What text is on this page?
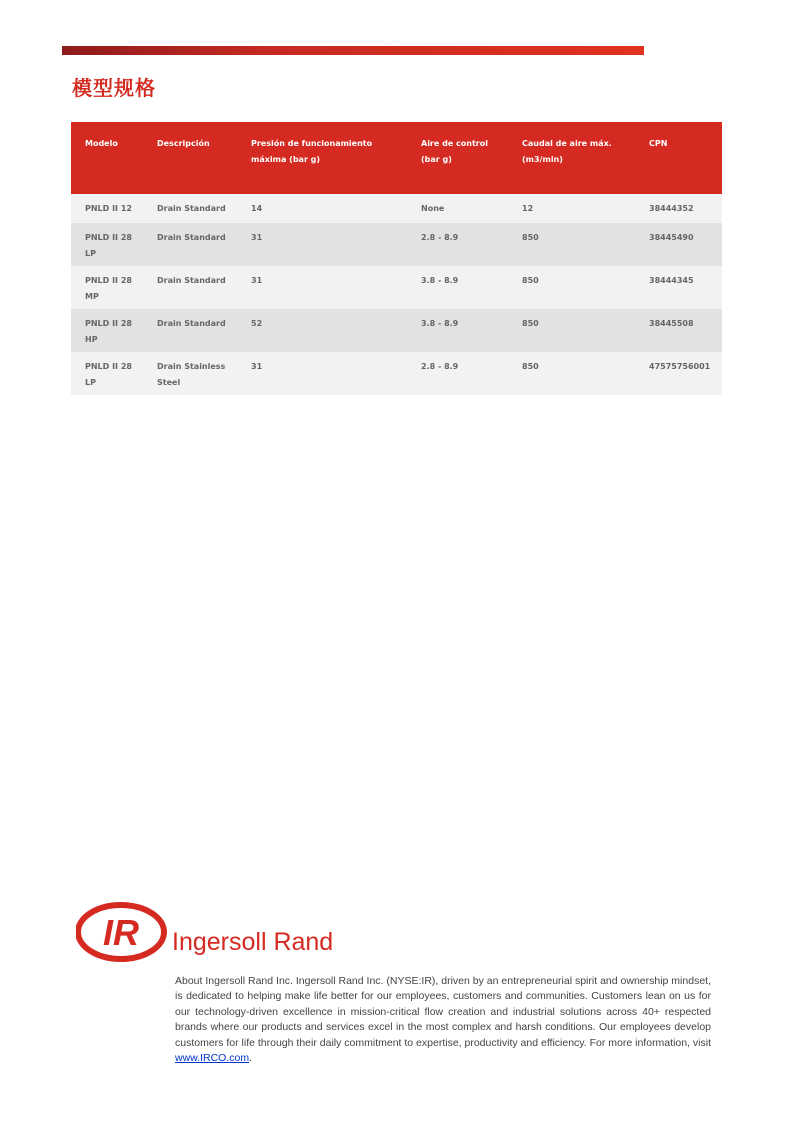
模型规格
Modelo	Descripción	Presión de funcionamiento máxima (bar g)	Aire de control (bar g)	Caudal de aire máx. (m3/min)	CPN
PNLD II 12	Drain Standard	14	None	12	38444352
PNLD II 28 LP	Drain Standard	31	2.8 - 8.9	850	38445490
PNLD II 28 MP	Drain Standard	31	3.8 - 8.9	850	38444345
PNLD II 28 HP	Drain Standard	52	3.8 - 8.9	850	38445508
PNLD II 28 LP	Drain Stainless Steel	31	2.8 - 8.9	850	47575756001
IR Ingersoll Rand
About Ingersoll Rand Inc. Ingersoll Rand Inc. (NYSE:IR), driven by an entrepreneurial spirit and ownership mindset, is dedicated to helping make life better for our employees, customers and communities. Customers lean on us for our technology-driven excellence in mission-critical flow creation and industrial solutions across 40+ respected brands where our products and services excel in the most complex and harsh conditions. Our employees develop customers for life through their daily commitment to expertise, productivity and efficiency. For more information, visit www.IRCO.com.
